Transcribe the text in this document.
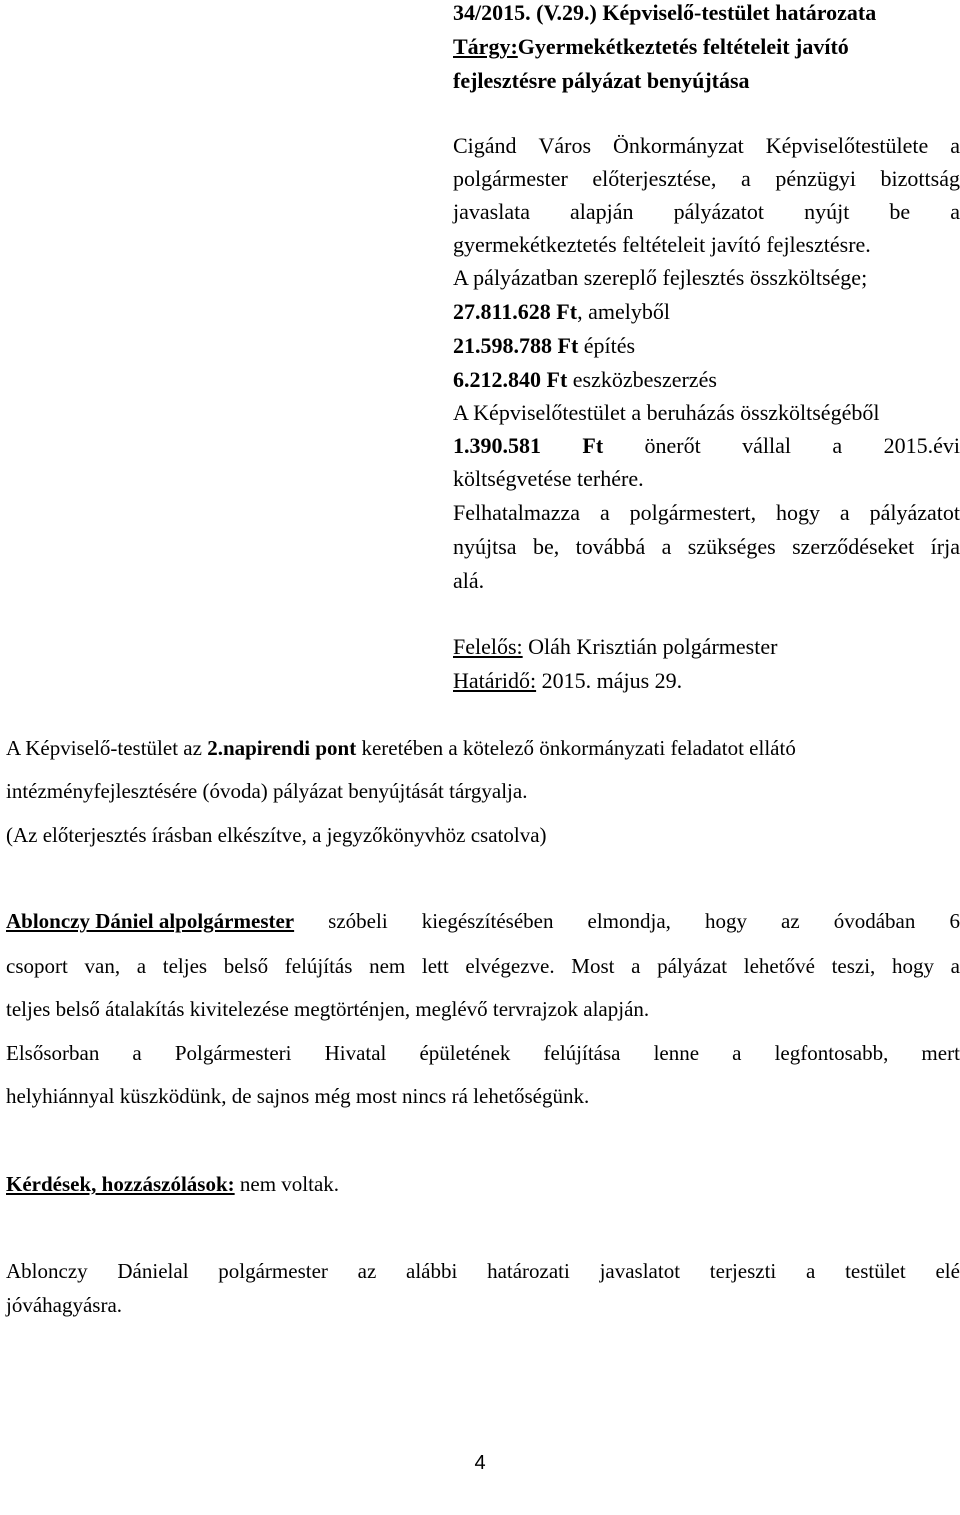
34/2015. (V.29.) Képviselő-testület határozata
Tárgy:Gyermekétkeztetés feltételeit javító
fejlesztésre pályázat benyújtása
Cigánd Város Önkormányzat Képviselőtestülete a
polgármester előterjesztése, a pénzügyi bizottság
javaslata alapján pályázatot nyújt be a
gyermekétkeztetés feltételeit javító fejlesztésre.
A pályázatban szereplő fejlesztés összköltsége;
27.811.628 Ft, amelyből
21.598.788 Ft építés
6.212.840 Ft eszközbeszerzés
A Képviselőtestület a beruházás összköltségéből
1.390.581 Ft önerőt vállal a 2015.évi
költségvetése terhére.
Felhatalmazza a polgármestert, hogy a pályázatot
nyújtsa be, továbbá a szükséges szerződéseket írja
alá.
Felelős: Oláh Krisztián polgármester
Határidő: 2015. május 29.
A Képviselő-testület az 2.napirendi pont keretében a kötelező önkormányzati feladatot ellátó
intézményfejlesztésére (óvoda) pályázat benyújtását tárgyalja.
(Az előterjesztés írásban elkészítve, a jegyzőkönyvhöz csatolva)
Ablonczy Dániel alpolgármester szóbeli kiegészítésében elmondja, hogy az óvodában 6
csoport van, a teljes belső felújítás nem lett elvégezve. Most a pályázat lehetővé teszi, hogy a
teljes belső átalakítás kivitelezése megtörténjen, meglévő tervrajzok alapján.
Elsősorban a Polgármesteri Hivatal épületének felújítása lenne a legfontosabb, mert
helyhiánnyal küszködünk, de sajnos még most nincs rá lehetőségünk.
Kérdések, hozzászólások: nem voltak.
Ablonczy Dánielal polgármester az alábbi határozati javaslatot terjeszti a testület elé
jóváhagyásra.
4
